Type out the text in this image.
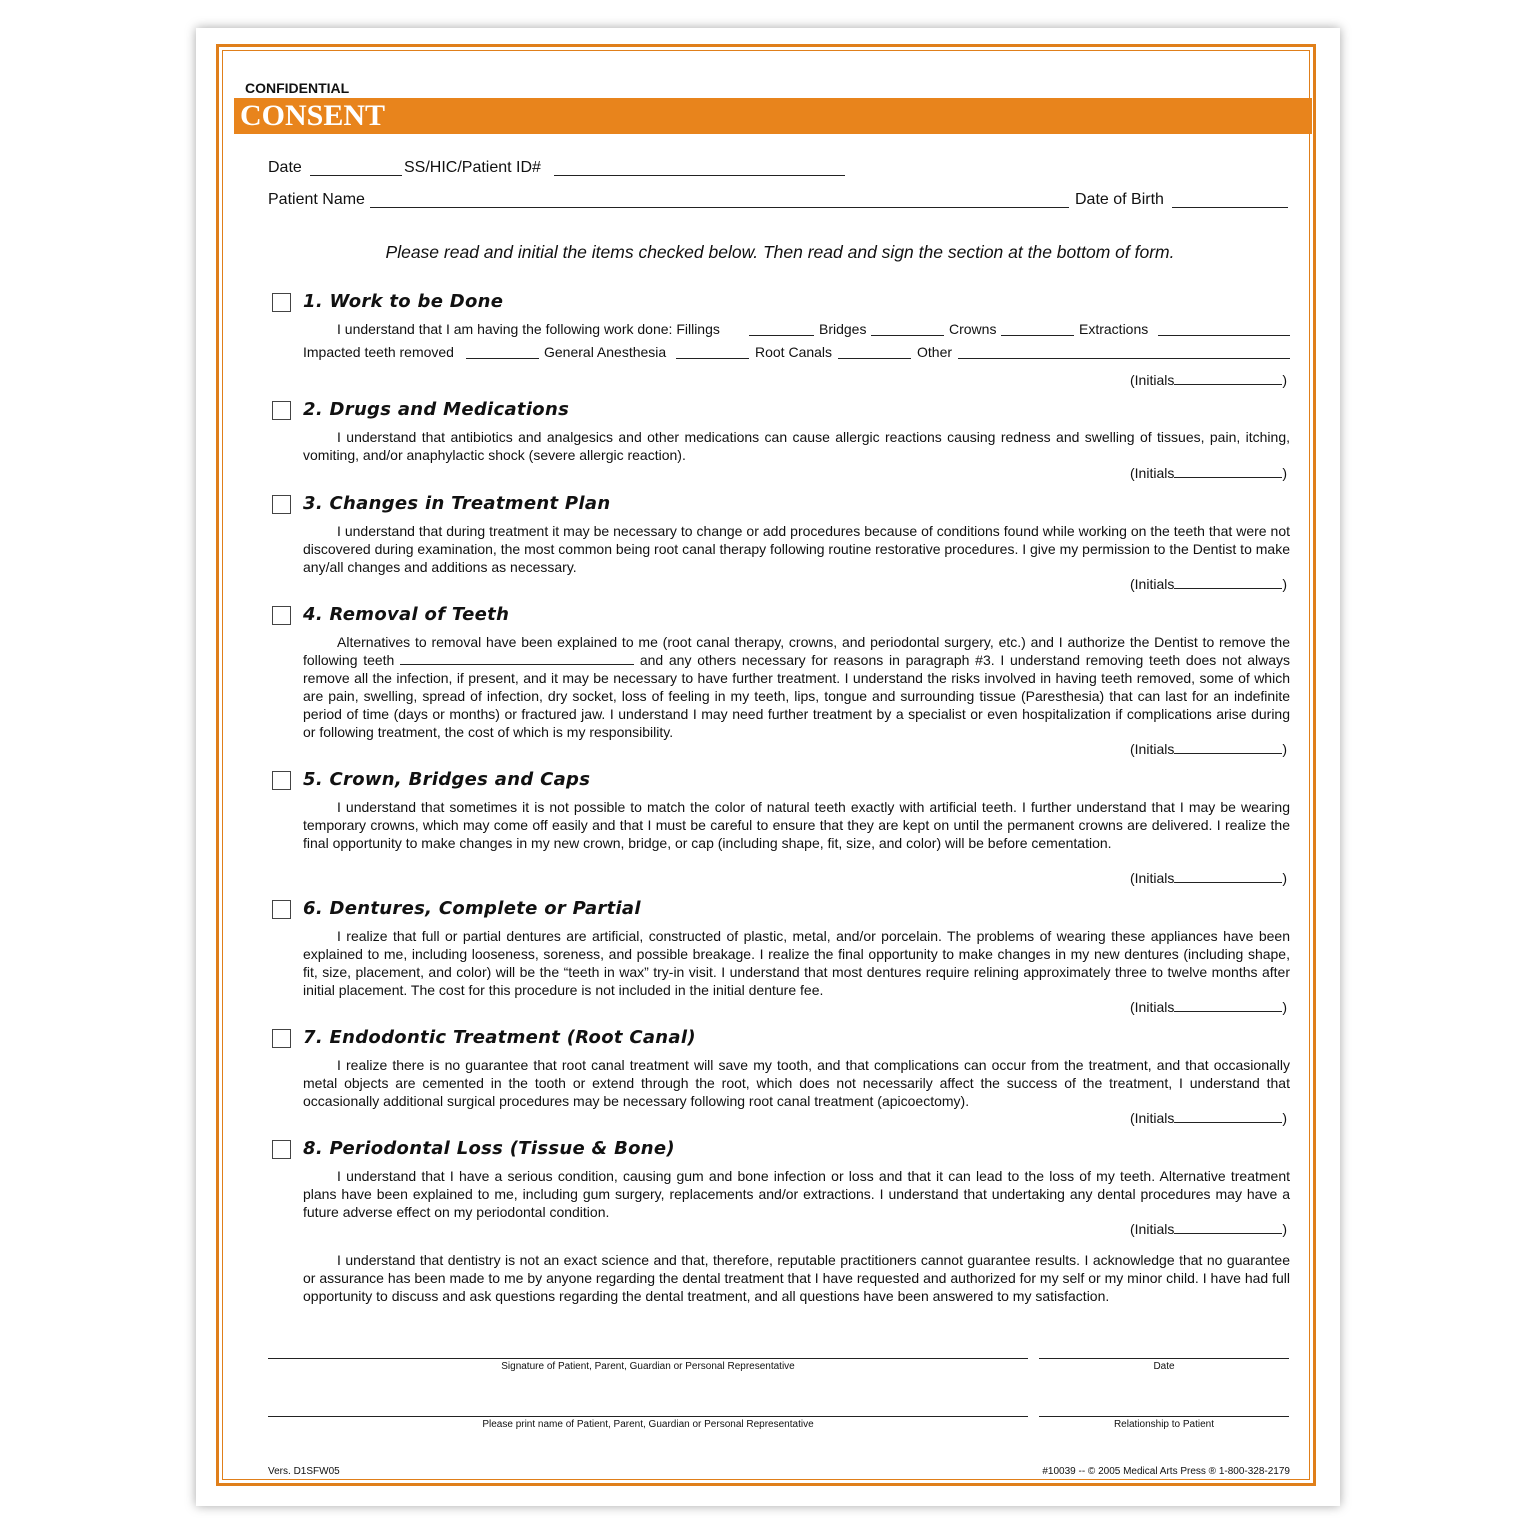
CONFIDENTIAL
CONSENT
Date	SS/HIC/Patient ID#
Patient Name	Date of Birth
Please read and initial the items checked below. Then read and sign the section at the bottom of form.
1. Work to be Done
I understand that I am having the following work done: Fillings	Bridges	Crowns	Extractions
Impacted teeth removed	General Anesthesia	Root Canals	Other
(Initials	)
2. Drugs and Medications
I understand that antibiotics and analgesics and other medications can cause allergic reactions causing redness and swelling of tissues, pain, itching, vomiting, and/or anaphylactic shock (severe allergic reaction).
(Initials	)
3. Changes in Treatment Plan
I understand that during treatment it may be necessary to change or add procedures because of conditions found while working on the teeth that were not discovered during examination, the most common being root canal therapy following routine restorative procedures. I give my permission to the Dentist to make any/all changes and additions as necessary.
(Initials	)
4. Removal of Teeth
Alternatives to removal have been explained to me (root canal therapy, crowns, and periodontal surgery, etc.) and I authorize the Dentist to remove the following teeth	and any others necessary for reasons in paragraph #3. I understand removing teeth does not always remove all the infection, if present, and it may be necessary to have further treatment. I understand the risks involved in having teeth removed, some of which are pain, swelling, spread of infection, dry socket, loss of feeling in my teeth, lips, tongue and surrounding tissue (Paresthesia) that can last for an indefinite period of time (days or months) or fractured jaw. I understand I may need further treatment by a specialist or even hospitalization if complications arise during or following treatment, the cost of which is my responsibility.
(Initials	)
5. Crown, Bridges and Caps
I understand that sometimes it is not possible to match the color of natural teeth exactly with artificial teeth. I further understand that I may be wearing temporary crowns, which may come off easily and that I must be careful to ensure that they are kept on until the permanent crowns are delivered. I realize the final opportunity to make changes in my new crown, bridge, or cap (including shape, fit, size, and color) will be before cementation.
(Initials	)
6. Dentures, Complete or Partial
I realize that full or partial dentures are artificial, constructed of plastic, metal, and/or porcelain. The problems of wearing these appliances have been explained to me, including looseness, soreness, and possible breakage. I realize the final opportunity to make changes in my new dentures (including shape, fit, size, placement, and color) will be the “teeth in wax” try-in visit. I understand that most dentures require relining approximately three to twelve months after initial placement. The cost for this procedure is not included in the initial denture fee.
(Initials	)
7. Endodontic Treatment (Root Canal)
I realize there is no guarantee that root canal treatment will save my tooth, and that complications can occur from the treatment, and that occasionally metal objects are cemented in the tooth or extend through the root, which does not necessarily affect the success of the treatment, I understand that occasionally additional surgical procedures may be necessary following root canal treatment (apicoectomy).
(Initials	)
8. Periodontal Loss (Tissue & Bone)
I understand that I have a serious condition, causing gum and bone infection or loss and that it can lead to the loss of my teeth. Alternative treatment plans have been explained to me, including gum surgery, replacements and/or extractions. I understand that undertaking any dental procedures may have a future adverse effect on my periodontal condition.
(Initials	)
I understand that dentistry is not an exact science and that, therefore, reputable practitioners cannot guarantee results. I acknowledge that no guarantee or assurance has been made to me by anyone regarding the dental treatment that I have requested and authorized for my self or my minor child. I have had full opportunity to discuss and ask questions regarding the dental treatment, and all questions have been answered to my satisfaction.
Signature of Patient, Parent, Guardian or Personal Representative	Date
Please print name of Patient, Parent, Guardian or Personal Representative	Relationship to Patient
Vers. D1SFW05	#10039 -- © 2005 Medical Arts Press ® 1-800-328-2179
